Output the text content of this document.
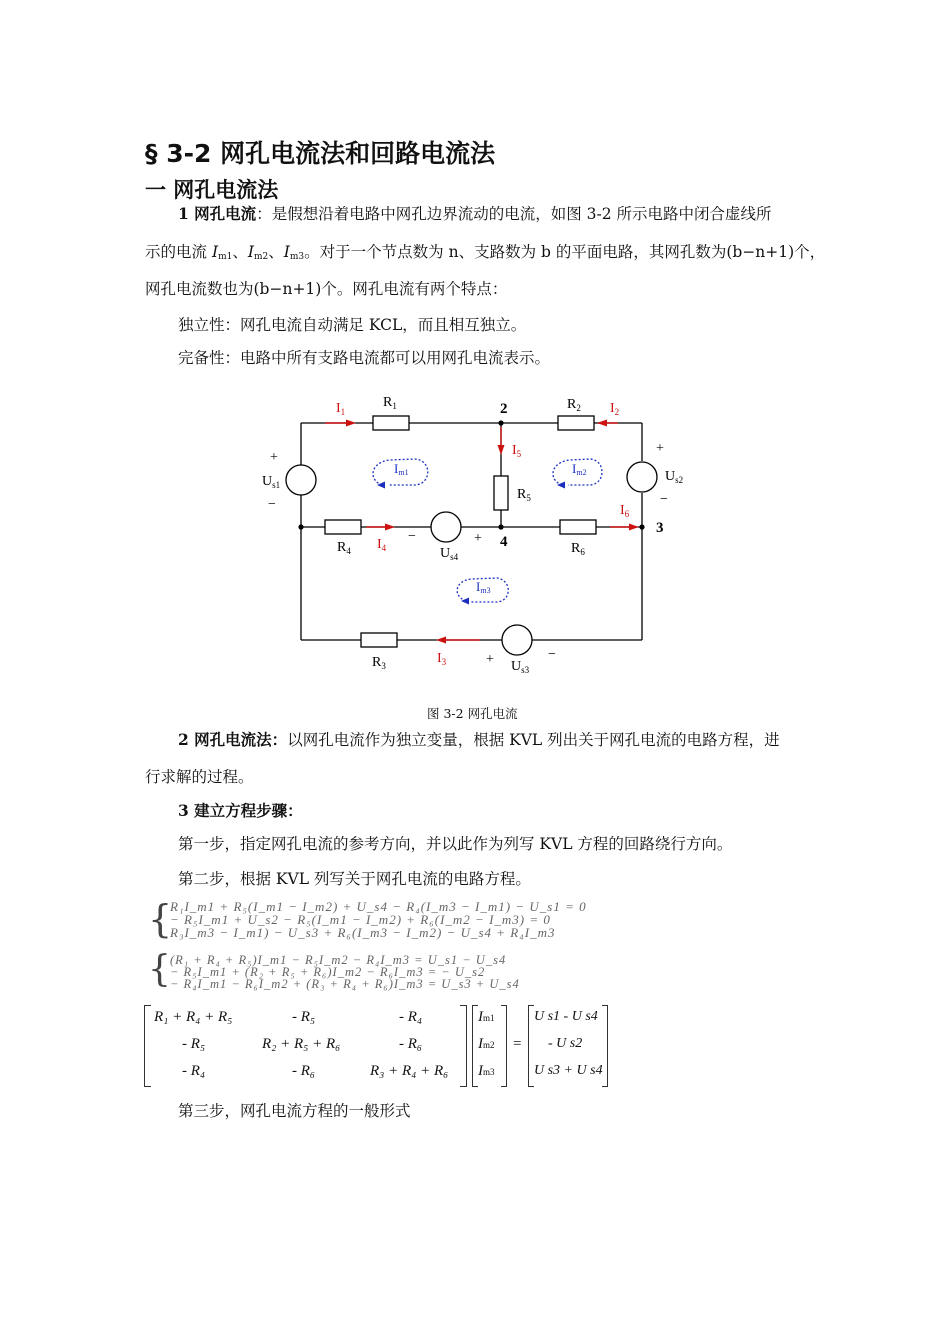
§ 3-2 网孔电流法和回路电流法
一 网孔电流法
1 网孔电流：是假想沿着电路中网孔边界流动的电流，如图 3-2 所示电路中闭合虚线所
示的电流 $I_{m1}$、$I_{m2}$、$I_{m3}$。对于一个节点数为 n、支路数为 b 的平面电路，其网孔数为(b−n+1)个，
网孔电流数也为(b−n+1)个。网孔电流有两个特点：
独立性：网孔电流自动满足 KCL，而且相互独立。
完备性：电路中所有支路电流都可以用网孔电流表示。
$I_1$	$I_2$
$I_3$
$I_4$
$I_5$
$I_6$
$R_1$	$R_2$
$R_3$
$R_4$
$R_5$
$R_6$
$U_{s1}$
$U_{s2}$
$U_{s3}$
$U_{s4}$
+
−
+
−
−	+
+	−
2
3
4
Im1	Im2
Im3
图 3-2 网孔电流
2 网孔电流法：以网孔电流作为独立变量，根据 KVL 列出关于网孔电流的电路方程，进
行求解的过程。
3 建立方程步骤：
第一步，指定网孔电流的参考方向，并以此作为列写 KVL 方程的回路绕行方向。
第二步，根据 KVL 列写关于网孔电流的电路方程。
{
R₁I_m1 + R₅(I_m1 − I_m2) + U_s4 − R₄(I_m3 − I_m1) − U_s1 = 0
− R₅I_m1 + U_s2 − R₅(I_m1 − I_m2) + R₆(I_m2 − I_m3) = 0
R₃I_m3 − I_m1) − U_s3 + R₆(I_m3 − I_m2) − U_s4 + R₄I_m3
{ (R₁ + R₄ + R₅)I_m1 − R₅I_m2 − R₄I_m3 = U_s1 − U_s4
− R₅I_m1 + (R₂ + R₅ + R₆)I_m2 − R₆I_m3 = − U_s2
− R₄I_m1 − R₆I_m2 + (R₃ + R₄ + R₆)I_m3 = U_s3 + U_s4
R₁ + R₄ + R₅	- R₅	- R₄
- R₅	R₂ + R₅ + R₆	- R₆
- R₄	- R₆	R₃ + R₄ + R₆
Im1
Im2
Im3
=
U s1 - U s4
- U s2
U s3 + U s4
第三步，网孔电流方程的一般形式
